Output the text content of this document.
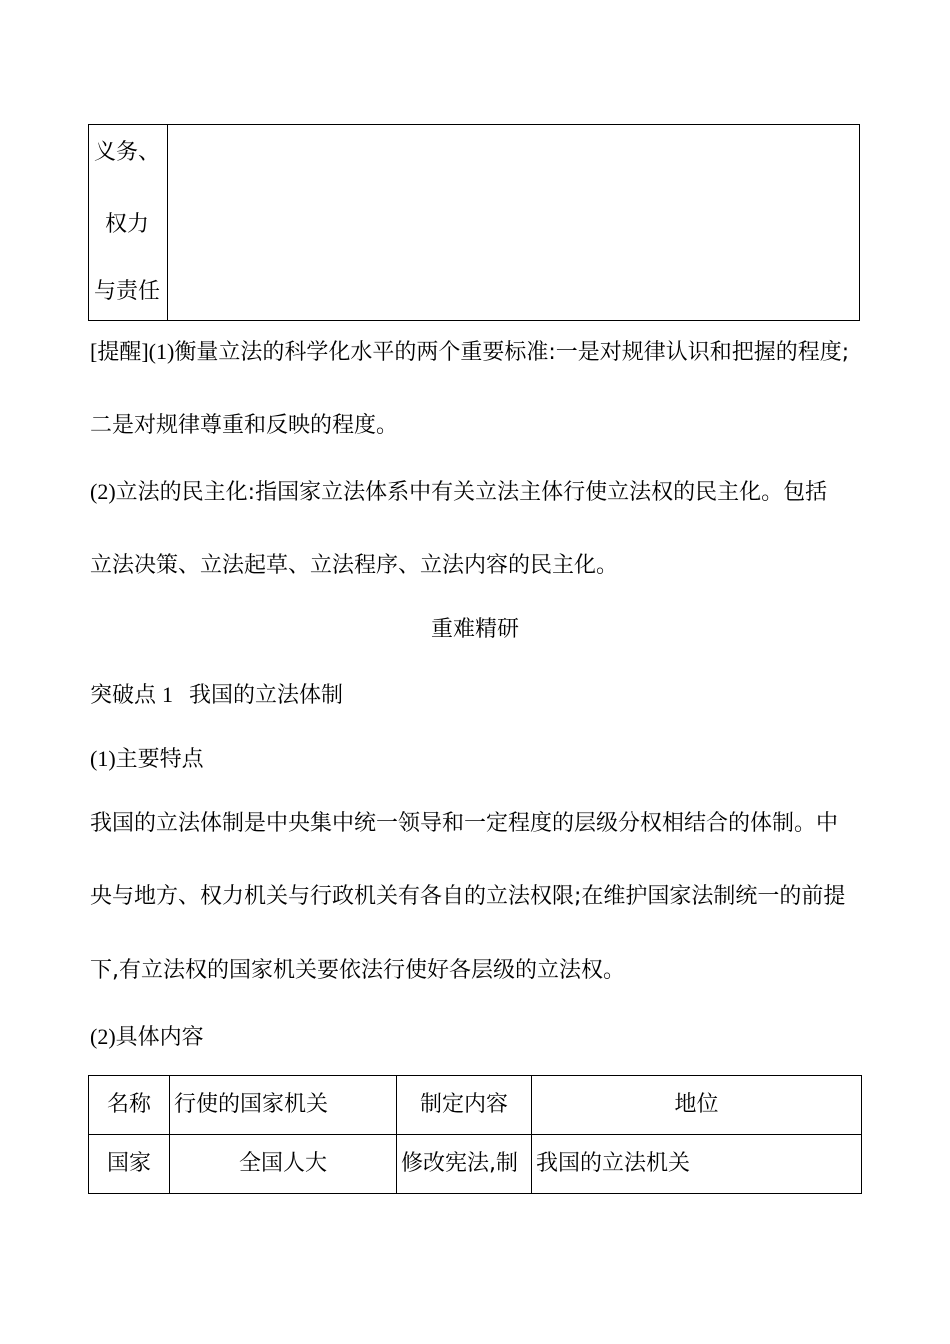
义务、
权力
与责任
[提醒](1)衡量立法的科学化水平的两个重要标准:一是对规律认识和把握的程度;
二是对规律尊重和反映的程度。
(2)立法的民主化:指国家立法体系中有关立法主体行使立法权的民主化。包括
立法决策、立法起草、立法程序、立法内容的民主化。
重难精研
突破点 1 我国的立法体制
(1)主要特点
我国的立法体制是中央集中统一领导和一定程度的层级分权相结合的体制。中
央与地方、权力机关与行政机关有各自的立法权限;在维护国家法制统一的前提
下,有立法权的国家机关要依法行使好各层级的立法权。
(2)具体内容
名称	行使的国家机关	制定内容	地位
国家	全国人大	修改宪法,制	我国的立法机关
